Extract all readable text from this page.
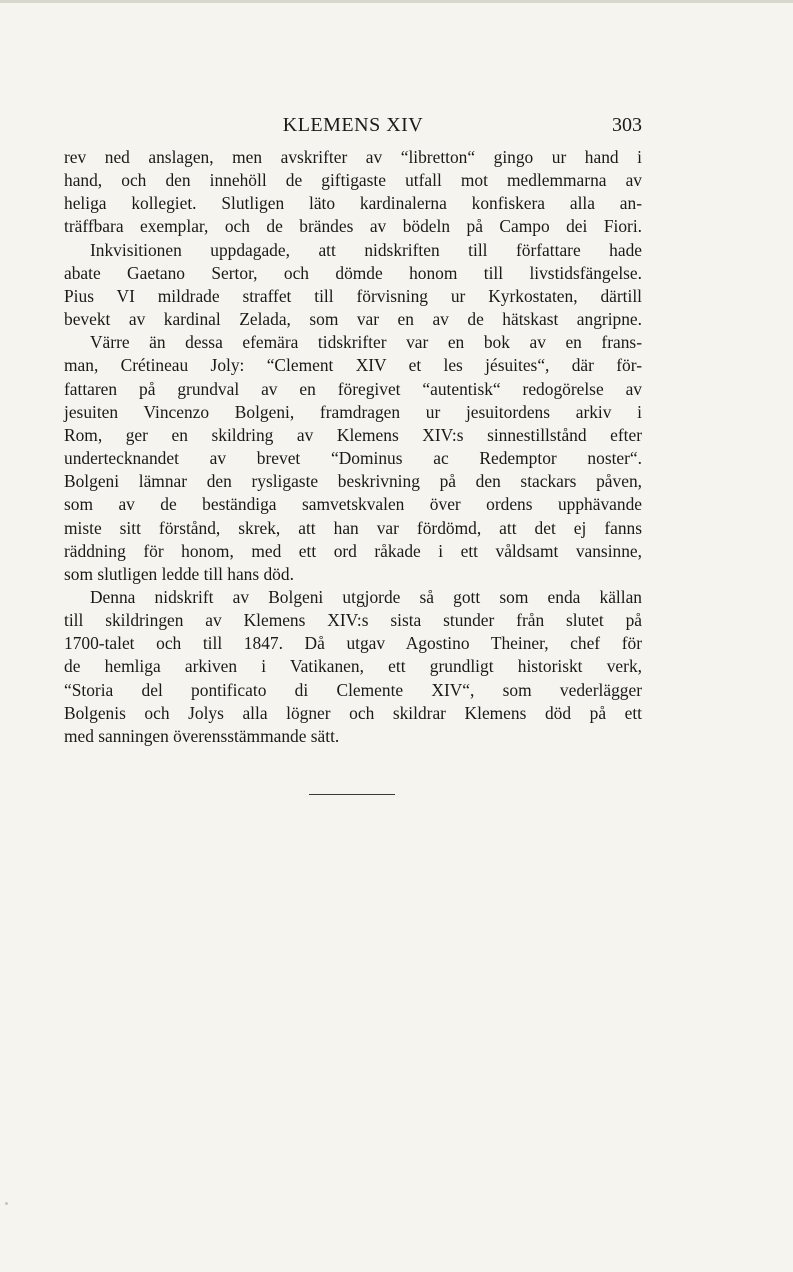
KLEMENS XIV	303
rev ned anslagen, men avskrifter av “libretton“ gingo ur hand i
hand, och den innehöll de giftigaste utfall mot medlemmarna av
heliga kollegiet. Slutligen läto kardinalerna konfiskera alla an-
träffbara exemplar, och de brändes av bödeln på Campo dei Fiori.
Inkvisitionen uppdagade, att nidskriften till författare hade
abate Gaetano Sertor, och dömde honom till livstidsfängelse.
Pius VI mildrade straffet till förvisning ur Kyrkostaten, därtill
bevekt av kardinal Zelada, som var en av de hätskast angripne.
Värre än dessa efemära tidskrifter var en bok av en frans-
man, Crétineau Joly: “Clement XIV et les jésuites“, där för-
fattaren på grundval av en föregivet “autentisk“ redogörelse av
jesuiten Vincenzo Bolgeni, framdragen ur jesuitordens arkiv i
Rom, ger en skildring av Klemens XIV:s sinnestillstånd efter
undertecknandet av brevet “Dominus ac Redemptor noster“.
Bolgeni lämnar den rysligaste beskrivning på den stackars påven,
som av de beständiga samvetskvalen över ordens upphävande
miste sitt förstånd, skrek, att han var fördömd, att det ej fanns
räddning för honom, med ett ord råkade i ett våldsamt vansinne,
som slutligen ledde till hans död.
Denna nidskrift av Bolgeni utgjorde så gott som enda källan
till skildringen av Klemens XIV:s sista stunder från slutet på
1700-talet och till 1847. Då utgav Agostino Theiner, chef för
de hemliga arkiven i Vatikanen, ett grundligt historiskt verk,
“Storia del pontificato di Clemente XIV“, som vederlägger
Bolgenis och Jolys alla lögner och skildrar Klemens död på ett
med sanningen överensstämmande sätt.
